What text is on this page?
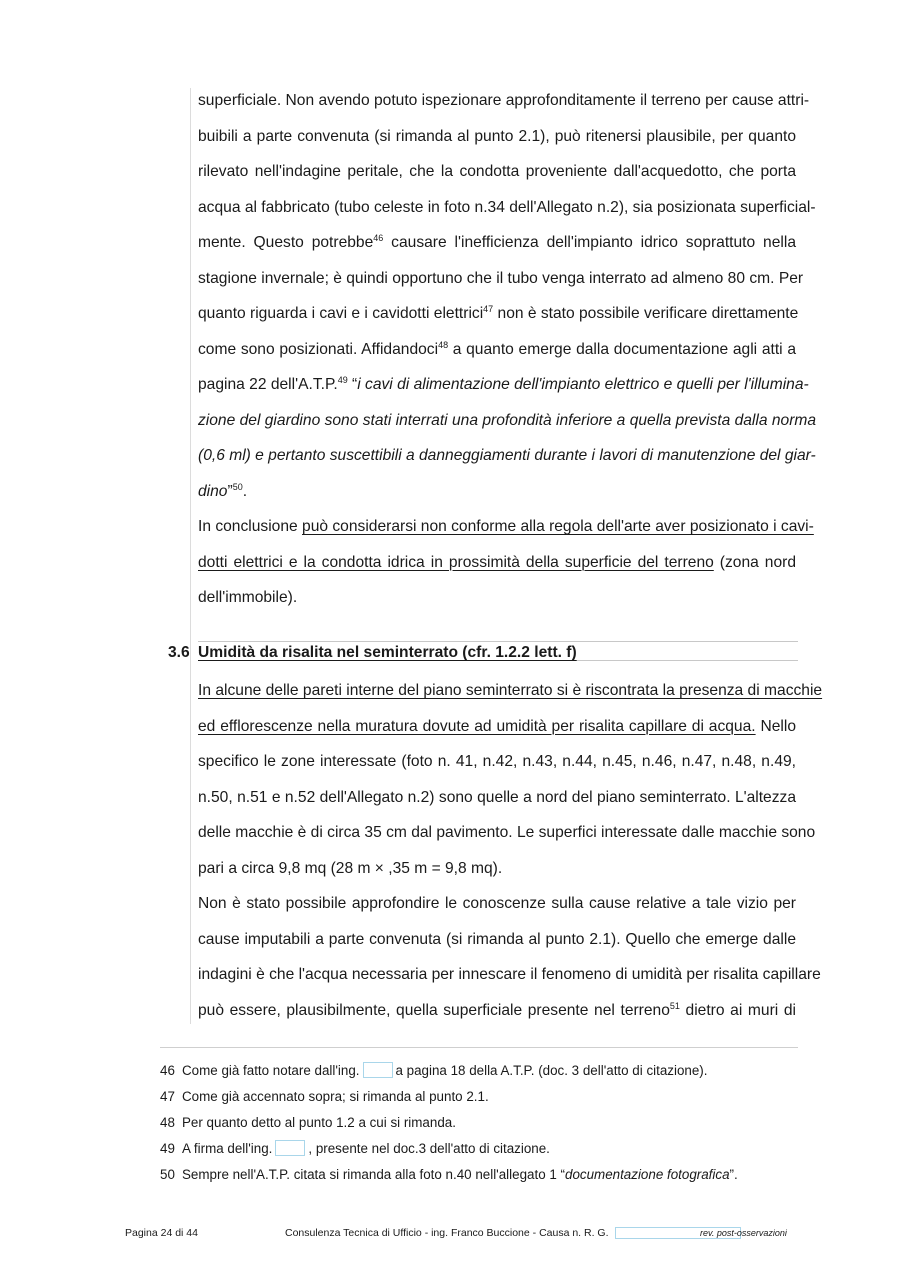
superficiale. Non avendo potuto ispezionare approfonditamente il terreno per cause attri-
buibili a parte convenuta (si rimanda al punto 2.1), può ritenersi plausibile, per quanto
rilevato nell'indagine peritale, che la condotta proveniente dall'acquedotto, che porta
acqua al fabbricato (tubo celeste in foto n.34 dell'Allegato n.2), sia posizionata superficial-
mente. Questo potrebbe$^{46}$ causare l'inefficienza dell'impianto idrico soprattuto nella
stagione invernale; è quindi opportuno che il tubo venga interrato ad almeno 80 cm. Per
quanto riguarda i cavi e i cavidotti elettrici$^{47}$ non è stato possibile verificare direttamente
come sono posizionati. Affidandoci$^{48}$ a quanto emerge dalla documentazione agli atti a
pagina 22 dell'A.T.P.$^{49}$ “i cavi di alimentazione dell'impianto elettrico e quelli per l'illumina-
zione del giardino sono stati interrati una profondità inferiore a quella prevista dalla norma
(0,6 ml) e pertanto suscettibili a danneggiamenti durante i lavori di manutenzione del giar-
dino”$^{50}$.
In conclusione può considerarsi non conforme alla regola dell'arte aver posizionato i cavi-
dotti elettrici e la condotta idrica in prossimità della superficie del terreno (zona nord
dell'immobile).
3.6 Umidità da risalita nel seminterrato (cfr. 1.2.2 lett. f)
In alcune delle pareti interne del piano seminterrato si è riscontrata la presenza di macchie
ed efflorescenze nella muratura dovute ad umidità per risalita capillare di acqua. Nello
specifico le zone interessate (foto n. 41, n.42, n.43, n.44, n.45, n.46, n.47, n.48, n.49,
n.50, n.51 e n.52 dell'Allegato n.2) sono quelle a nord del piano seminterrato. L'altezza
delle macchie è di circa 35 cm dal pavimento. Le superfici interessate dalle macchie sono
pari a circa 9,8 mq (28 m × ,35 m = 9,8 mq).
Non è stato possibile approfondire le conoscenze sulla cause relative a tale vizio per
cause imputabili a parte convenuta (si rimanda al punto 2.1). Quello che emerge dalle
indagini è che l'acqua necessaria per innescare il fenomeno di umidità per risalita capillare
può essere, plausibilmente, quella superficiale presente nel terreno$^{51}$ dietro ai muri di
46 Come già fatto notare dall'ing.	a pagina 18 della A.T.P. (doc. 3 dell'atto di citazione).
47 Come già accennato sopra; si rimanda al punto 2.1.
48 Per quanto detto al punto 1.2 a cui si rimanda.
49 A firma dell'ing.	, presente nel doc.3 dell'atto di citazione.
50 Sempre nell'A.T.P. citata si rimanda alla foto n.40 nell'allegato 1 “documentazione fotografica”.
Pagina 24 di 44	Consulenza Tecnica di Ufficio - ing. Franco Buccione - Causa n. R. G.	rev. post-osservazioni
